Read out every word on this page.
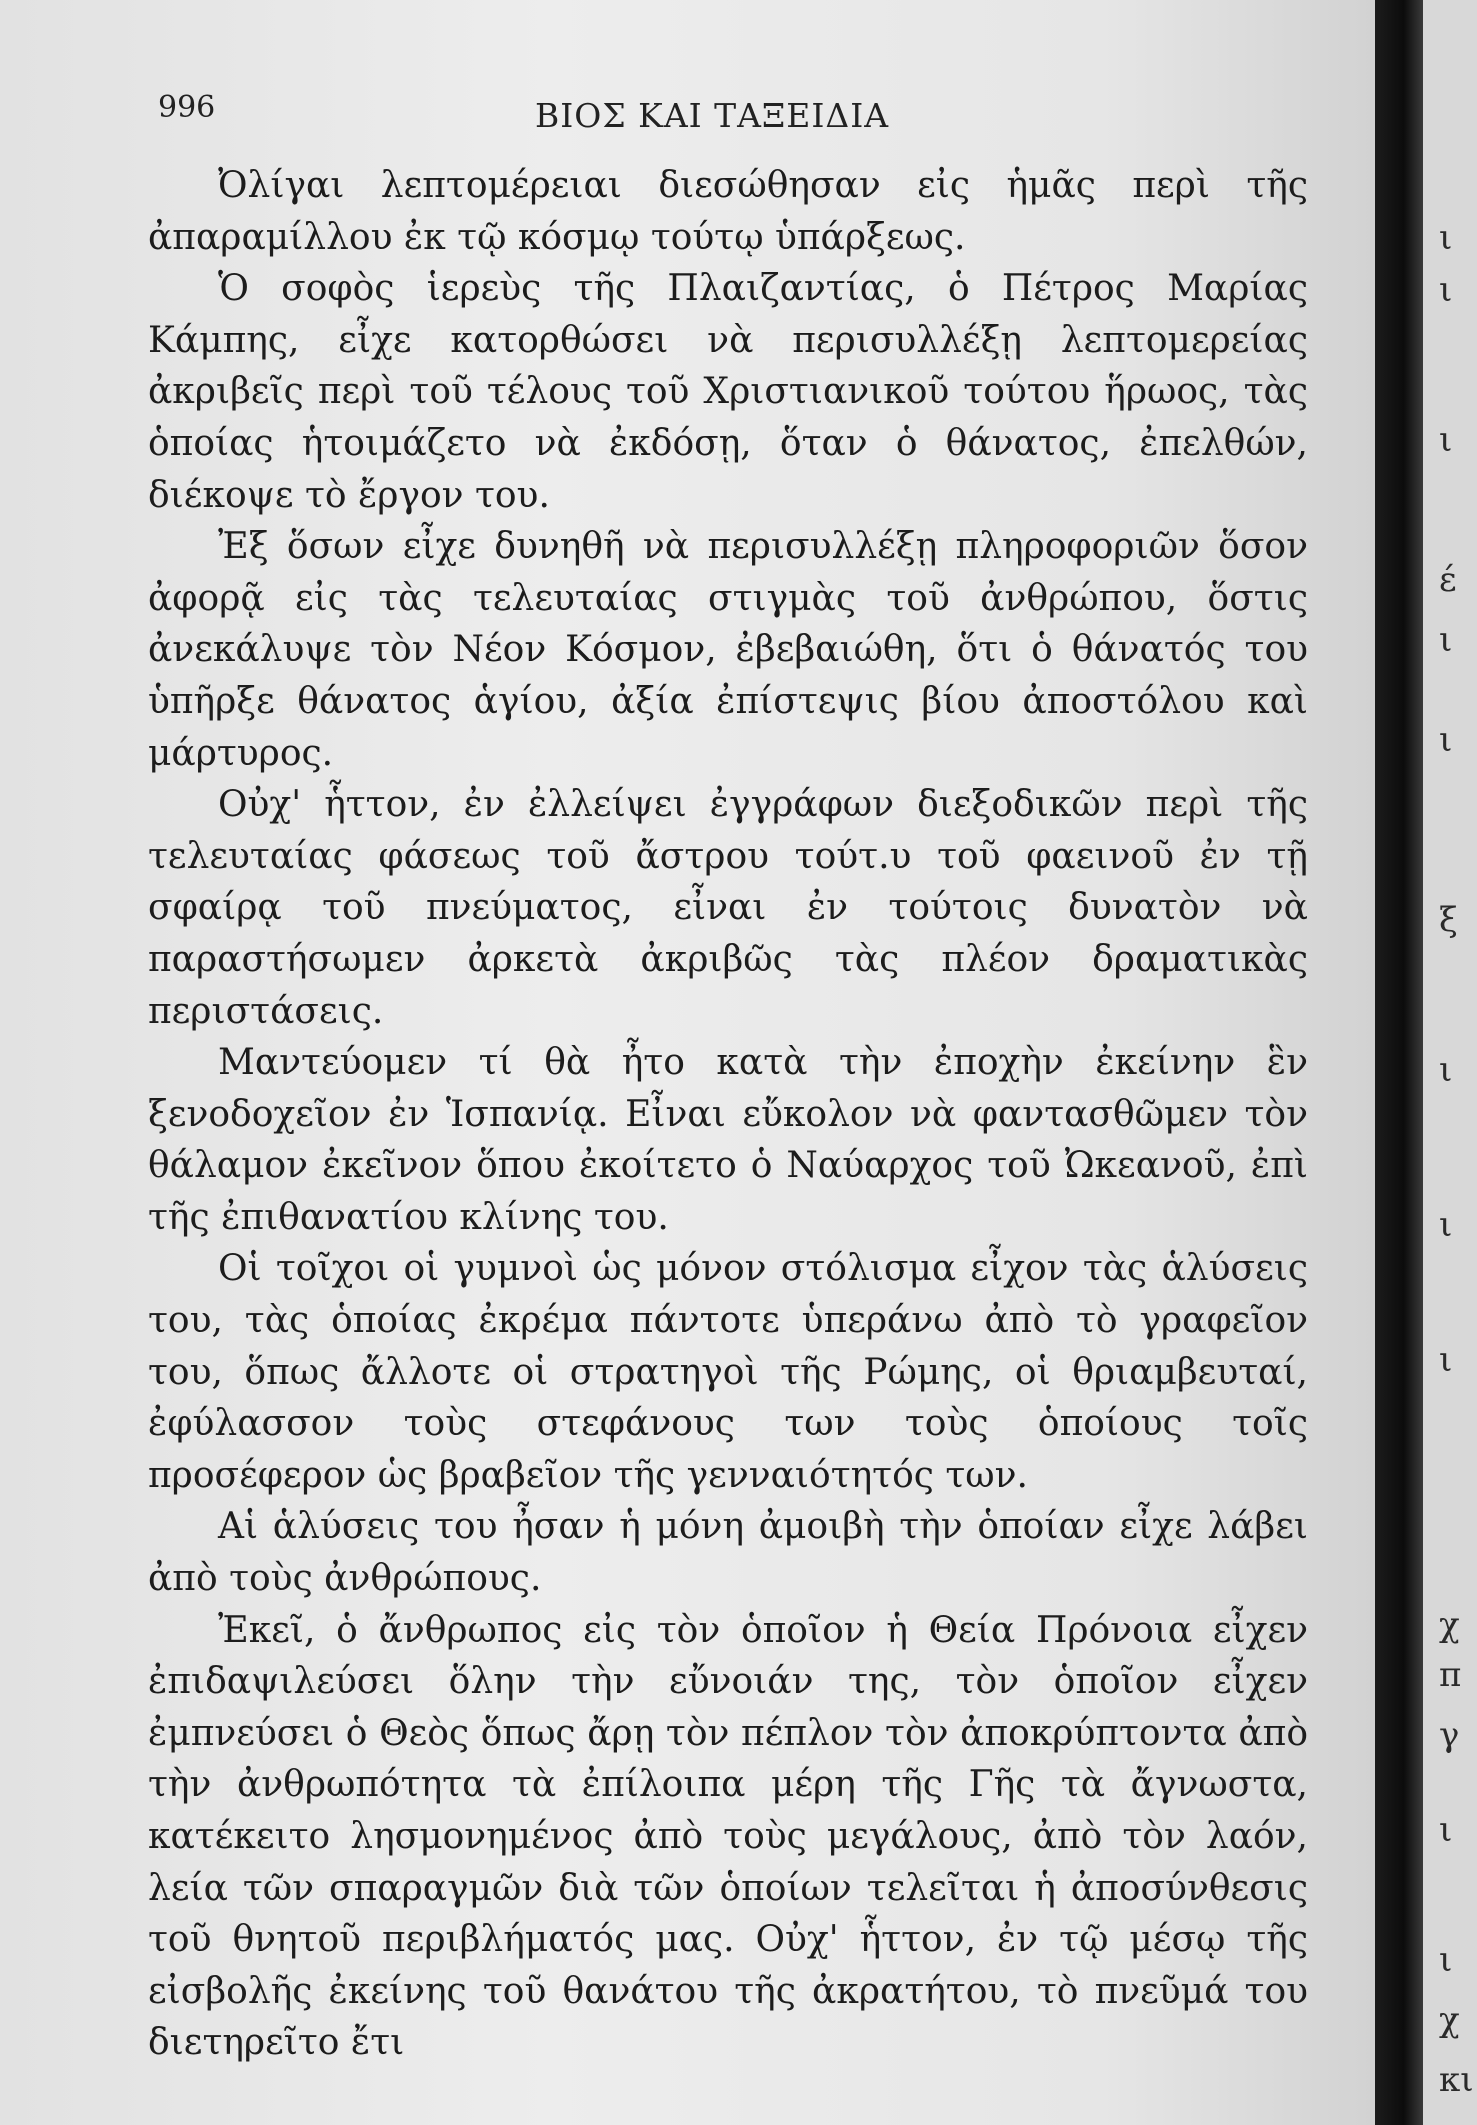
996	ΒΙΟΣ ΚΑΙ ΤΑΞΕΙΔΙΑ

Ὀλίγαι λεπτομέρειαι διεσώθησαν εἰς ἡμᾶς περὶ τῆς ἀπαραμίλλου ἐκ τῷ κόσμῳ τούτῳ ὑπάρξεως.

Ὁ σοφὸς ἱερεὺς τῆς Πλαιζαντίας, ὁ Πέτρος Μαρίας Κάμπης, εἶχε κατορθώσει νὰ περισυλλέξῃ λεπτομερείας ἀκριβεῖς περὶ τοῦ τέλους τοῦ Χριστιανικοῦ τούτου ἥρωος, τὰς ὁποίας ἡτοιμάζετο νὰ ἐκδόσῃ, ὅταν ὁ θάνατος, ἐπελθών, διέκοψε τὸ ἔργον του.

Ἐξ ὅσων εἶχε δυνηθῆ νὰ περισυλλέξῃ πληροφοριῶν ὅσον ἀφορᾷ εἰς τὰς τελευταίας στιγμὰς τοῦ ἀνθρώπου, ὅστις ἀνεκάλυψε τὸν Νέον Κόσμον, ἐβεβαιώθη, ὅτι ὁ θάνατός του ὑπῆρξε θάνατος ἁγίου, ἀξία ἐπίστεψις βίου ἀποστόλου καὶ μάρτυρος.

Οὐχ' ἧττον, ἐν ἐλλείψει ἐγγράφων διεξοδικῶν περὶ τῆς τελευταίας φάσεως τοῦ ἄστρου τούτ.υ τοῦ φαεινοῦ ἐν τῇ σφαίρᾳ τοῦ πνεύματος, εἶναι ἐν τούτοις δυνατὸν νὰ παραστήσωμεν ἀρκετὰ ἀκριβῶς τὰς πλέον δραματικὰς περιστάσεις.

Μαντεύομεν τί θὰ ἦτο κατὰ τὴν ἐποχὴν ἐκείνην ἓν ξενοδοχεῖον ἐν Ἱσπανίᾳ. Εἶναι εὔκολον νὰ φαντασθῶμεν τὸν θάλαμον ἐκεῖνον ὅπου ἐκοίτετο ὁ Ναύαρχος τοῦ Ὠκεανοῦ, ἐπὶ τῆς ἐπιθανατίου κλίνης του.

Οἱ τοῖχοι οἱ γυμνοὶ ὡς μόνον στόλισμα εἶχον τὰς ἁλύσεις του, τὰς ὁποίας ἐκρέμα πάντοτε ὑπεράνω ἀπὸ τὸ γραφεῖον του, ὅπως ἄλλοτε οἱ στρατηγοὶ τῆς Ρώμης, οἱ θριαμβευταί, ἐφύλασσον τοὺς στεφάνους των τοὺς ὁποίους τοῖς προσέφερον ὡς βραβεῖον τῆς γενναιότητός των.

Αἱ ἁλύσεις του ἦσαν ἡ μόνη ἀμοιβὴ τὴν ὁποίαν εἶχε λάβει ἀπὸ τοὺς ἀνθρώπους.

Ἐκεῖ, ὁ ἄνθρωπος εἰς τὸν ὁποῖον ἡ Θεία Πρόνοια εἶχεν ἐπιδαψιλεύσει ὅλην τὴν εὔνοιάν της, τὸν ὁποῖον εἶχεν ἐμπνεύσει ὁ Θεὸς ὅπως ἄρῃ τὸν πέπλον τὸν ἀποκρύπτοντα ἀπὸ τὴν ἀνθρωπότητα τὰ ἐπίλοιπα μέρη τῆς Γῆς τὰ ἄγνωστα, κατέκειτο λησμονημένος ἀπὸ τοὺς μεγάλους, ἀπὸ τὸν λαόν, λεία τῶν σπαραγμῶν διὰ τῶν ὁποίων τελεῖται ἡ ἀποσύνθεσις τοῦ θνητοῦ περιβλήματός μας. Οὐχ' ἧττον, ἐν τῷ μέσῳ τῆς εἰσβολῆς ἐκείνης τοῦ θανάτου τῆς ἀκρατήτου, τὸ πνεῦμά του διετηρεῖτο ἔτι

ι
ι
ι
έ
ι
ι
ξ
ι
ι
ι
χ
π
γ
ι
ι
χ
κι
